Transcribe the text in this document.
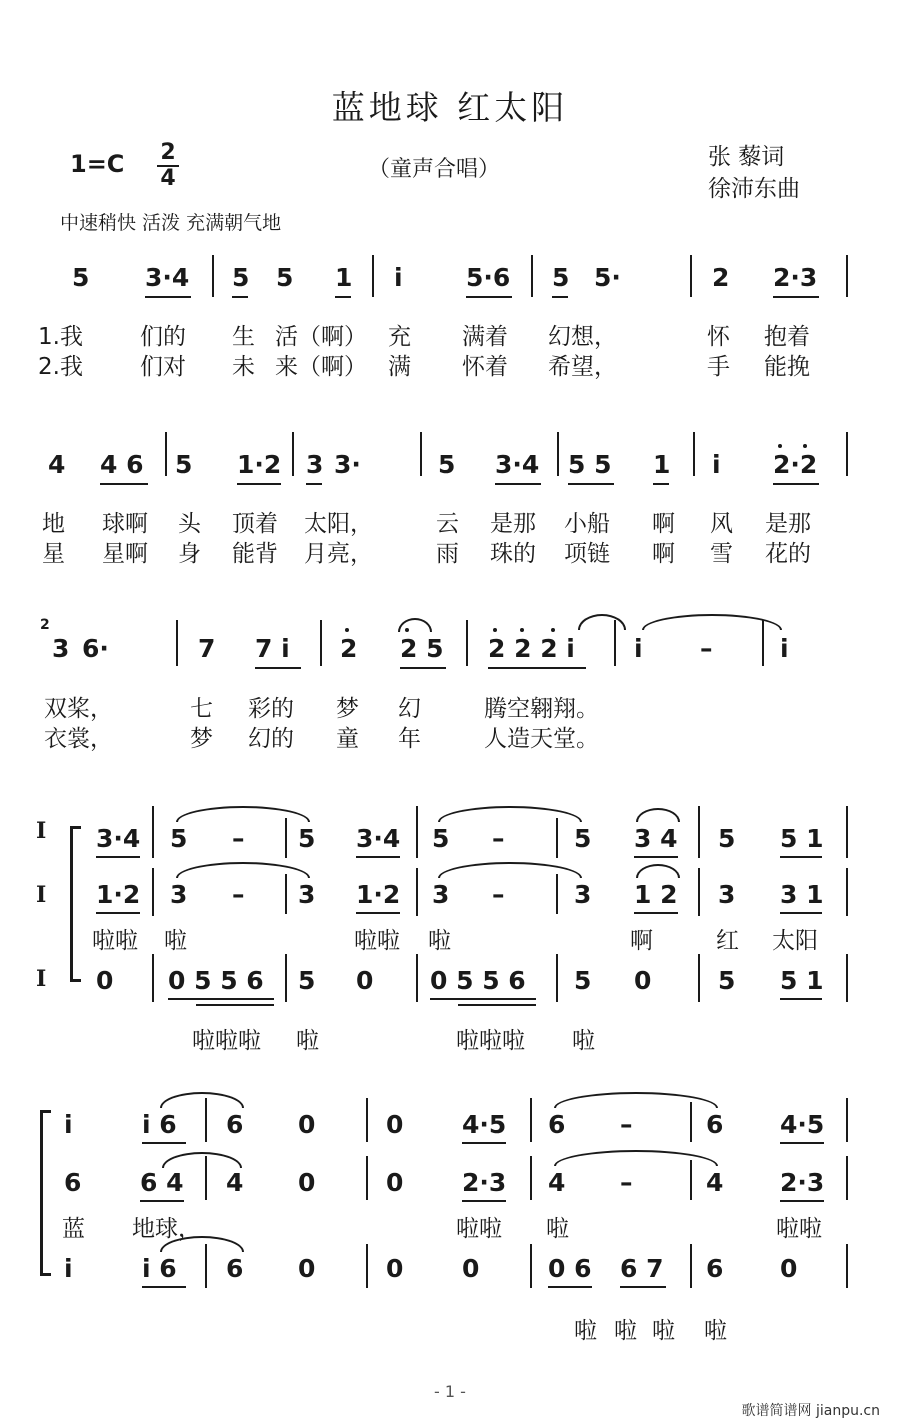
蓝地球 红太阳
1=C 2
4	（童声合唱）	张 藜词
徐沛东曲
中速稍快 活泼 充满朝气地
5 3·4 5 5 1 i	5·6 5 5·	2 2·3
1.我 们的 生 活（啊） 充 满着 幻想，	怀 抱着
2.我 们对 未 来（啊） 满 怀着 希望，	手 能挽
4 4 6 5 1·2 3 3·	5 3·4 5 5 1 i 2·2
地 球啊 头 顶着 太阳，	云 是那 小船 啊 风 是那
星 星啊 身 能背 月亮，	雨 珠的 项链 啊 雪 花的
2
3 6·	7 7 i 2 2 5 2 2 2 i i –	i
双桨，	七 彩的 梦 幻	腾空翱翔。
衣裳，	梦 幻的 童 年	人造天堂。
I
I
I
3·4 5 – 5 3·4 5 –	5 3 4 5 5 1
1·2 3 – 3 1·2 3 –	3 1 2 3 3 1
啦啦 啦	啦啦 啦	啊	红 太阳
0 0 5 5 6 5 0 0 5 5 6 5 0	5 5 1
啦啦啦 啦	啦啦啦 啦
i	i 6 6 0	0 4·5 6 –	6 4·5
6 6 4 4 0	0 2·3 4 –	4 2·3
蓝 地球，	啦啦 啦	啦啦
i	i 6 6 0	0 0	0 6 6 7 6 0
啦 啦 啦 啦
- 1 -
歌谱简谱网 jianpu.cn
